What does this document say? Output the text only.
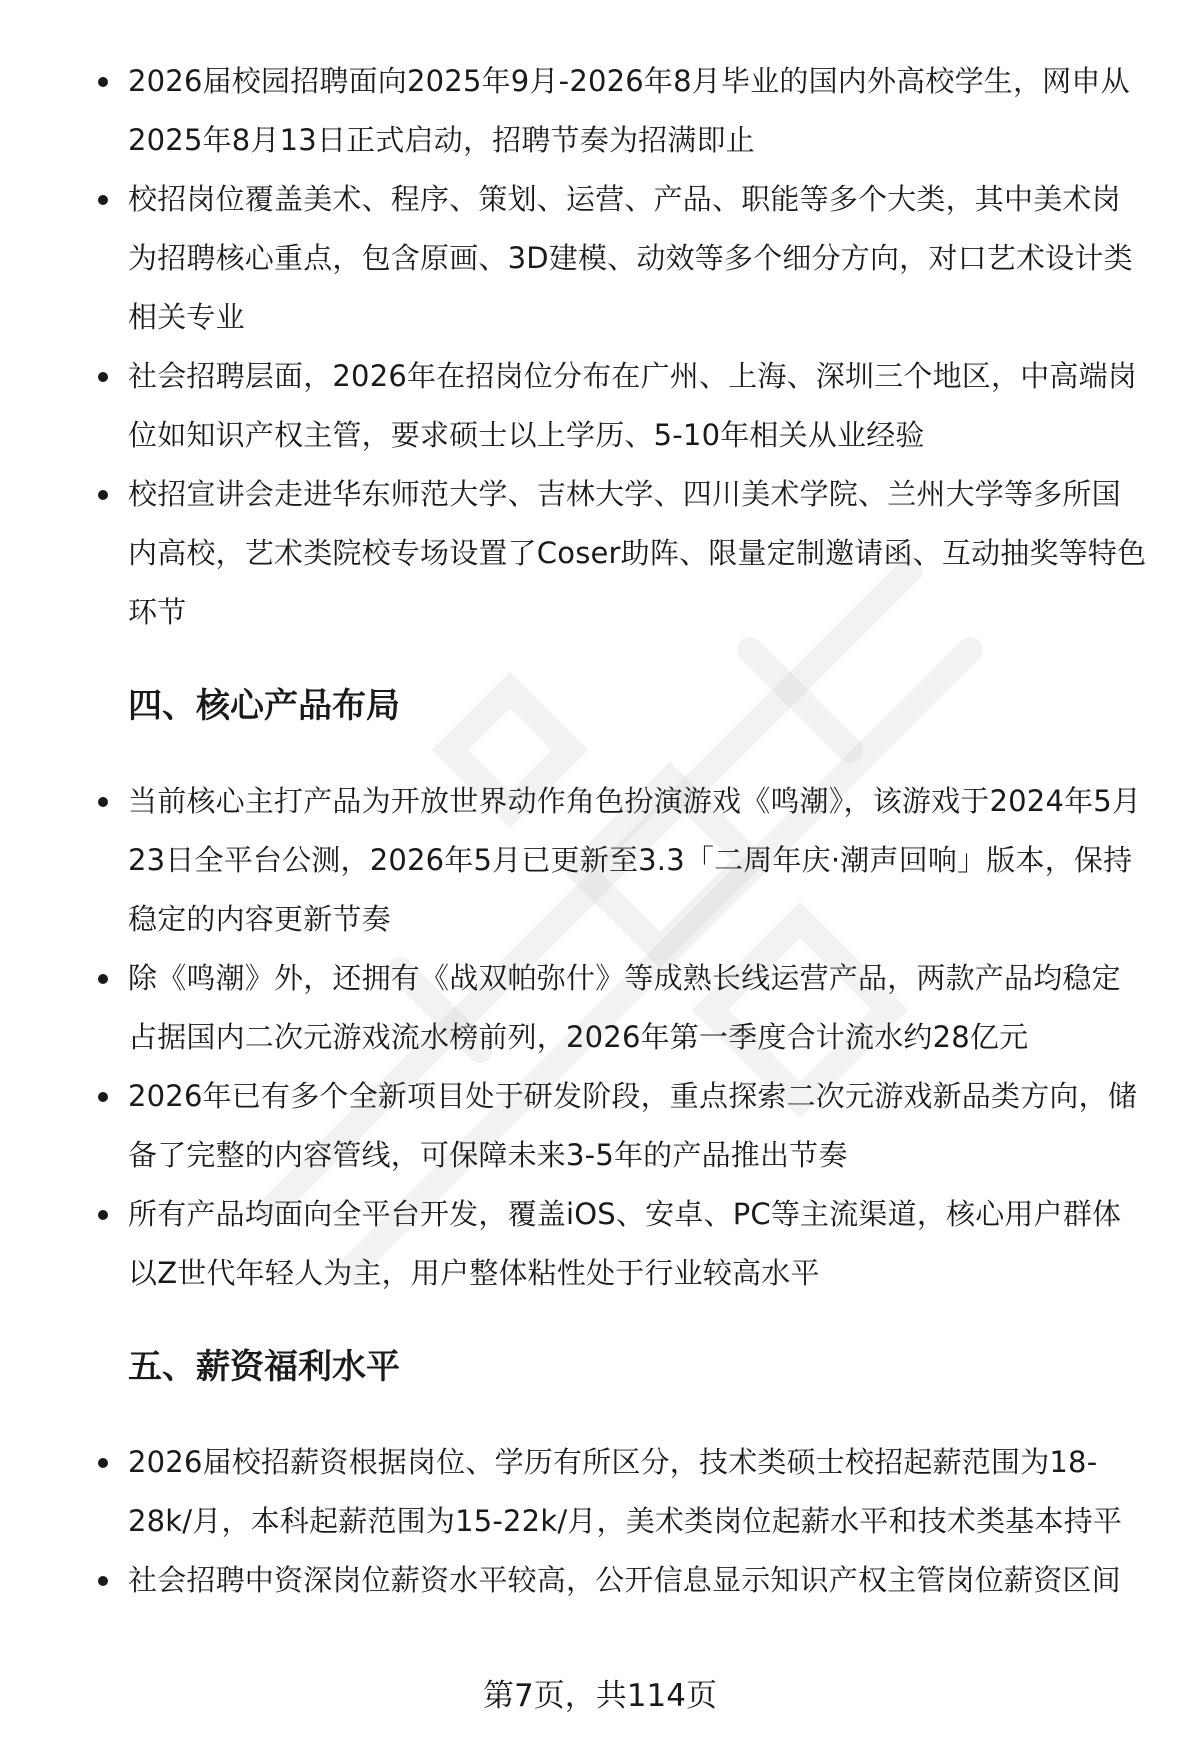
2026届校园招聘面向2025年9月-2026年8月毕业的国内外高校学生，网申从2025年8月13日正式启动，招聘节奏为招满即止
校招岗位覆盖美术、程序、策划、运营、产品、职能等多个大类，其中美术岗为招聘核心重点，包含原画、3D建模、动效等多个细分方向，对口艺术设计类相关专业
社会招聘层面，2026年在招岗位分布在广州、上海、深圳三个地区，中高端岗位如知识产权主管，要求硕士以上学历、5-10年相关从业经验
校招宣讲会走进华东师范大学、吉林大学、四川美术学院、兰州大学等多所国内高校，艺术类院校专场设置了Coser助阵、限量定制邀请函、互动抽奖等特色环节
四、核心产品布局
当前核心主打产品为开放世界动作角色扮演游戏《鸣潮》，该游戏于2024年5月23日全平台公测，2026年5月已更新至3.3「二周年庆·潮声回响」版本，保持稳定的内容更新节奏
除《鸣潮》外，还拥有《战双帕弥什》等成熟长线运营产品，两款产品均稳定占据国内二次元游戏流水榜前列，2026年第一季度合计流水约28亿元
2026年已有多个全新项目处于研发阶段，重点探索二次元游戏新品类方向，储备了完整的内容管线，可保障未来3-5年的产品推出节奏
所有产品均面向全平台开发，覆盖iOS、安卓、PC等主流渠道，核心用户群体以Z世代年轻人为主，用户整体粘性处于行业较高水平
五、薪资福利水平
2026届校招薪资根据岗位、学历有所区分，技术类硕士校招起薪范围为18-28k/月，本科起薪范围为15-22k/月，美术类岗位起薪水平和技术类基本持平
社会招聘中资深岗位薪资水平较高，公开信息显示知识产权主管岗位薪资区间
第7页，共114页
